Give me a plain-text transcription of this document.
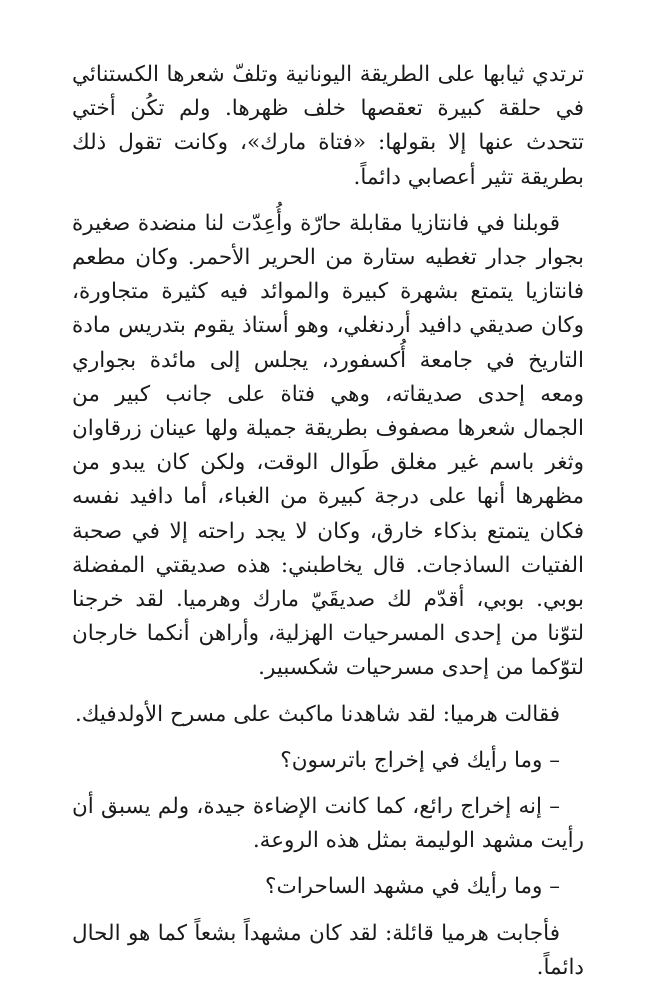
ترتدي ثيابها على الطريقة اليونانية وتلفّ شعرها الكستنائي في حلقة كبيرة تعقصها خلف ظهرها. ولم تكُن أختي تتحدث عنها إلا بقولها: «فتاة مارك»، وكانت تقول ذلك بطريقة تثير أعصابي دائماً.

قوبلنا في فانتازيا مقابلة حارّة وأُعِدّت لنا منضدة صغيرة بجوار جدار تغطيه ستارة من الحرير الأحمر. وكان مطعم فانتازيا يتمتع بشهرة كبيرة والموائد فيه كثيرة متجاورة، وكان صديقي دافيد أردنغلي، وهو أستاذ يقوم بتدريس مادة التاريخ في جامعة أُكسفورد، يجلس إلى مائدة بجواري ومعه إحدى صديقاته، وهي فتاة على جانب كبير من الجمال شعرها مصفوف بطريقة جميلة ولها عينان زرقاوان وثغر باسم غير مغلق طَوال الوقت، ولكن كان يبدو من مظهرها أنها على درجة كبيرة من الغباء، أما دافيد نفسه فكان يتمتع بذكاء خارق، وكان لا يجد راحته إلا في صحبة الفتيات الساذجات. قال يخاطبني: هذه صديقتي المفضلة بوبي. بوبي، أقدّم لك صديقَيّ مارك وهرميا. لقد خرجنا لتوّنا من إحدى المسرحيات الهزلية، وأراهن أنكما خارجان لتوّكما من إحدى مسرحيات شكسبير.

فقالت هرميا: لقد شاهدنا ماكبث على مسرح الأولدفيك.

– وما رأيك في إخراج باترسون؟

– إنه إخراج رائع، كما كانت الإضاءة جيدة، ولم يسبق أن رأيت مشهد الوليمة بمثل هذه الروعة.

– وما رأيك في مشهد الساحرات؟

فأجابت هرميا قائلة: لقد كان مشهداً بشعاً كما هو الحال دائماً.
